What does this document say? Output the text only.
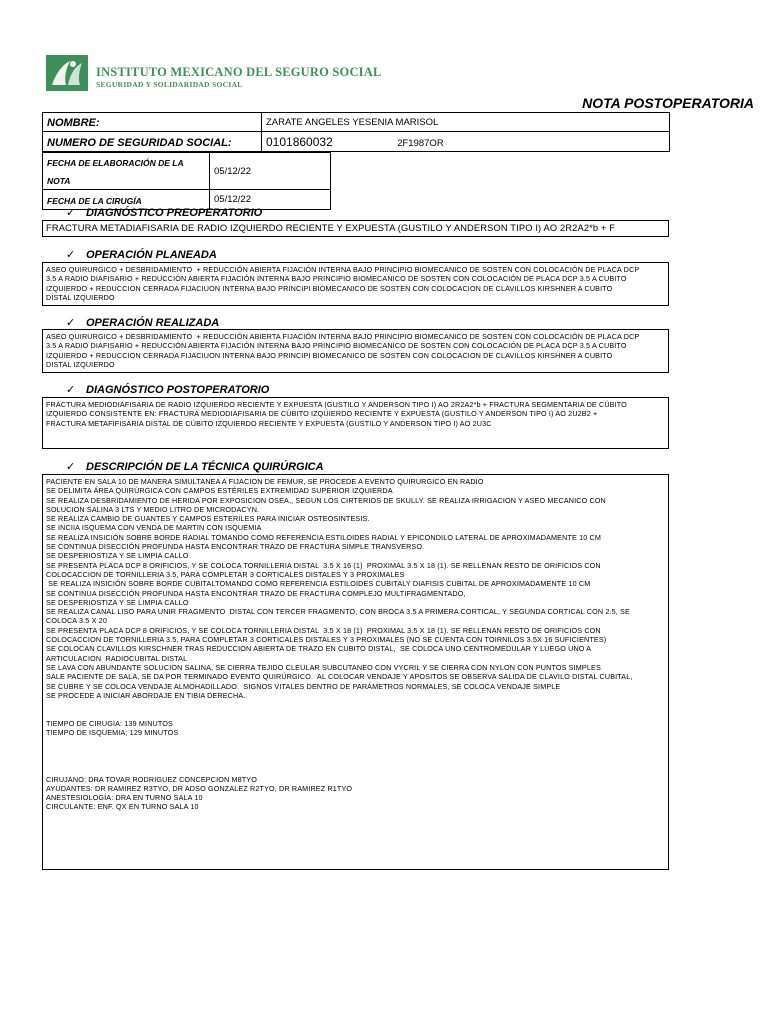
INSTITUTO MEXICANO DEL SEGURO SOCIAL
SEGURIDAD Y SOLIDARIDAD SOCIAL
NOTA POSTOPERATORIA
NOMBRE:	ZARATE ANGELES YESENIA MARISOL
NUMERO DE SEGURIDAD SOCIAL:	0101860032 2F1987OR
FECHA DE ELABORACIÓN DE LA NOTA	05/12/22
FECHA DE LA CIRUGÍA	05/12/22
✓ DIAGNÓSTICO PREOPERATORIO
FRACTURA METADIAFISARIA DE RADIO IZQUIERDO RECIENTE Y EXPUESTA (GUSTILO Y ANDERSON TIPO I) AO 2R2A2*b + F
✓ OPERACIÓN PLANEADA
ASEO QUIRURGICO + DESBRIDAMIENTO  + REDUCCIÓN ABIERTA FIJACIÓN INTERNA BAJO PRINCIPIO BIOMECANICO DE SOSTEN CON COLOCACIÓN DE PLACA DCP
3.5 A RADIO DIAFISARIO + REDUCCIÓN ABIERTA FIJACIÓN INTERNA BAJO PRINCIPIO BIOMECANICO DE SOSTEN CON COLOCACIÓN DE PLACA DCP 3.5 A CUBITO
IZQUIERDO + REDUCCION CERRADA FIJACIUON INTERNA BAJO PRINCIPI BIOMECANICO DE SOSTEN CON COLOCACION DE CLAVILLOS KIRSHNER A CUBITO
DISTAL IZQUIERDO
✓ OPERACIÓN REALIZADA
ASEO QUIRURGICO + DESBRIDAMIENTO  + REDUCCIÓN ABIERTA FIJACIÓN INTERNA BAJO PRINCIPIO BIOMECANICO DE SOSTEN CON COLOCACIÓN DE PLACA DCP
3.5 A RADIO DIAFISARIO + REDUCCIÓN ABIERTA FIJACIÓN INTERNA BAJO PRINCIPIO BIOMECANICO DE SOSTEN CON COLOCACIÓN DE PLACA DCP 3.5 A CUBITO
IZQUIERDO + REDUCCION CERRADA FIJACIUON INTERNA BAJO PRINCIPI BIOMECANICO DE SOSTEN CON COLOCACION DE CLAVILLOS KIRSHNER A CUBITO
DISTAL IZQUIERDO
✓ DIAGNÓSTICO POSTOPERATORIO
FRACTURA MEDIODIAFISARIA DE RADIO IZQUIERDO RECIENTE Y EXPUESTA (GUSTILO Y ANDERSON TIPO I) AO 2R2A2*b + FRACTURA SEGMENTARIA DE CÚBITO
IZQUIERDO CONSISTENTE EN: FRACTURA MEDIODIAFISARIA DE CÚBITO IZQUIERDO RECIENTE Y EXPUESTA (GUSTILO Y ANDERSON TIPO I) AO 2U2B2 +
FRACTURA METAFIFISARIA DISTAL DE CÚBITO IZQUIERDO RECIENTE Y EXPUESTA (GUSTILO Y ANDERSON TIPO I) AO 2U3C
✓ DESCRIPCIÓN DE LA TÉCNICA QUIRÚRGICA
PACIENTE EN SALA 10 DE MANERA SIMULTANEA A FIJACION DE FEMUR, SE PROCEDE A EVENTO QUIRURGICO EN RADIO
SE DELIMITA ÁREA QUIRÚRGICA CON CAMPOS ESTÉRILES EXTREMIDAD SUPERIOR IZQUIERDA
SE REALIZA DESBRIDAMIENTO DE HERIDA POR EXPOSICION OSEA,, SEGUN LOS CIRTERIOS DE SKULLY. SE REALIZA IRRIGACION Y ASEO MECANICO CON
SOLUCION SALINA 3 LTS Y MEDIO LITRO DE MICRODACYN.
SE REALIZA CAMBIO DE GUANTES Y CAMPOS ESTERILES PARA INICIAR OSTEOSINTESIS.
SE INCIIA ISQUEMA CON VENDA DE MARTIN CON ISQUEMIA
SE REALIZA INSICIÓN SOBRE BORDE RADIAL TOMANDO COMO REFERENCIA ESTILOIDES RADIAL Y EPICONDILO LATERAL DE APROXIMADAMENTE 10 CM
SE CONTINUA DISECCIÓN PROFUNDA HASTA ENCONTRAR TRAZO DE FRACTURA SIMPLE TRANSVERSO.
SE DESPERIOSTIZA Y SE LIMPIA CALLO
SE PRESENTA PLACA DCP 8 ORIFICIOS, Y SE COLOCA TORNILLERIA DISTAL  3.5 X 16 (1)  PROXIMAL 3.5 X 18 (1). SE RELLENAN RESTO DE ORIFICIOS CON
COLOCACCION DE TORNILLERIA 3.5, PARA COMPLETAR 3 CORTICALES DISTALES Y 3 PROXIMALES
SE REALIZA INSICIÓN SOBRE BORDE CUBITALTOMANDO COMO REFERENCIA ESTILOIDES CUBITALY DIAFISIS CUBITAL DE APROXIMADAMENTE 10 CM
SE CONTINUA DISECCIÓN PROFUNDA HASTA ENCONTRAR TRAZO DE FRACTURA COMPLEJO MULTIFRAGMENTADO,
SE DESPERIOSTIZA Y SE LIMPIA CALLO
SE REALIZA CANAL LISO PARA UNIR FRAGMENTO  DISTAL CON TERCER FRAGMENTO, CON BROCA 3.5 A PRIMERA CORTICAL, Y SEGUNDA CORTICAL CON 2.5, SE
COLOCA 3.5 X 20
SE PRESENTA PLACA DCP 8 ORIFICIOS, Y SE COLOCA TORNILLERIA DISTAL  3.5 X 18 (1)  PROXIMAL 3.5 X 18 (1). SE RELLENAN RESTO DE ORIFICIOS CON
COLOCACCION DE TORNILLERIA 3.5, PARA COMPLETAR 3 CORTICALES DISTALES Y 3 PROXIMALES (NO SE CUENTA CON TOIRNILOS 3.5X 16 SUFICIENTES)
SE COLOCAN CLAVILLOS KIRSCHNER TRAS REDUCCION ABIERTA DE TRAZO EN CUBITO DISTAL,  SE COLOCA UNO CENTROMEDULAR Y LUEGO UNO A
ARTICULACION  RADIOCUBITAL DISTAL
SE LAVA CON ABUNDANTE SOLUCION SALINA, SE CIERRA TEJIDO CLEULAR SUBCUTANEO CON VYCRIL Y SE CIERRA CON NYLON CON PUNTOS SIMPLES
SALE PACIENTE DE SALA, SE DA POR TERMINADO EVENTO QUIRÚRGICO.  AL COLOCAR VENDAJE Y APOSITOS SE OBSERVA SALIDA DE CLAVILO DISTAL CUBITAL,
SE CUBRE Y SE COLOCA VENDAJE ALMOHADILLADO.  SIGNOS VITALES DENTRO DE PARÁMETROS NORMALES, SE COLOCA VENDAJE SIMPLE
SE PROCEDE A INICIAR ABORDAJE EN TIBIA DERECHA.

TIEMPO DE CIRUGIA: 139 MINUTOS
TIEMPO DE ISQUEMIA; 129 MINUTOS

CIRUJANO: DRA TOVAR RODRIGUEZ CONCEPCION M8TYO
AYUDANTES: DR RAMIREZ R3TYO, DR ADSO GONZALEZ R2TYO, DR RAMIREZ R1TYO
ANESTESIOLOGÍA: DRA EN TURNO SALA 10
CIRCULANTE: ENF. QX EN TURNO SALA 10
